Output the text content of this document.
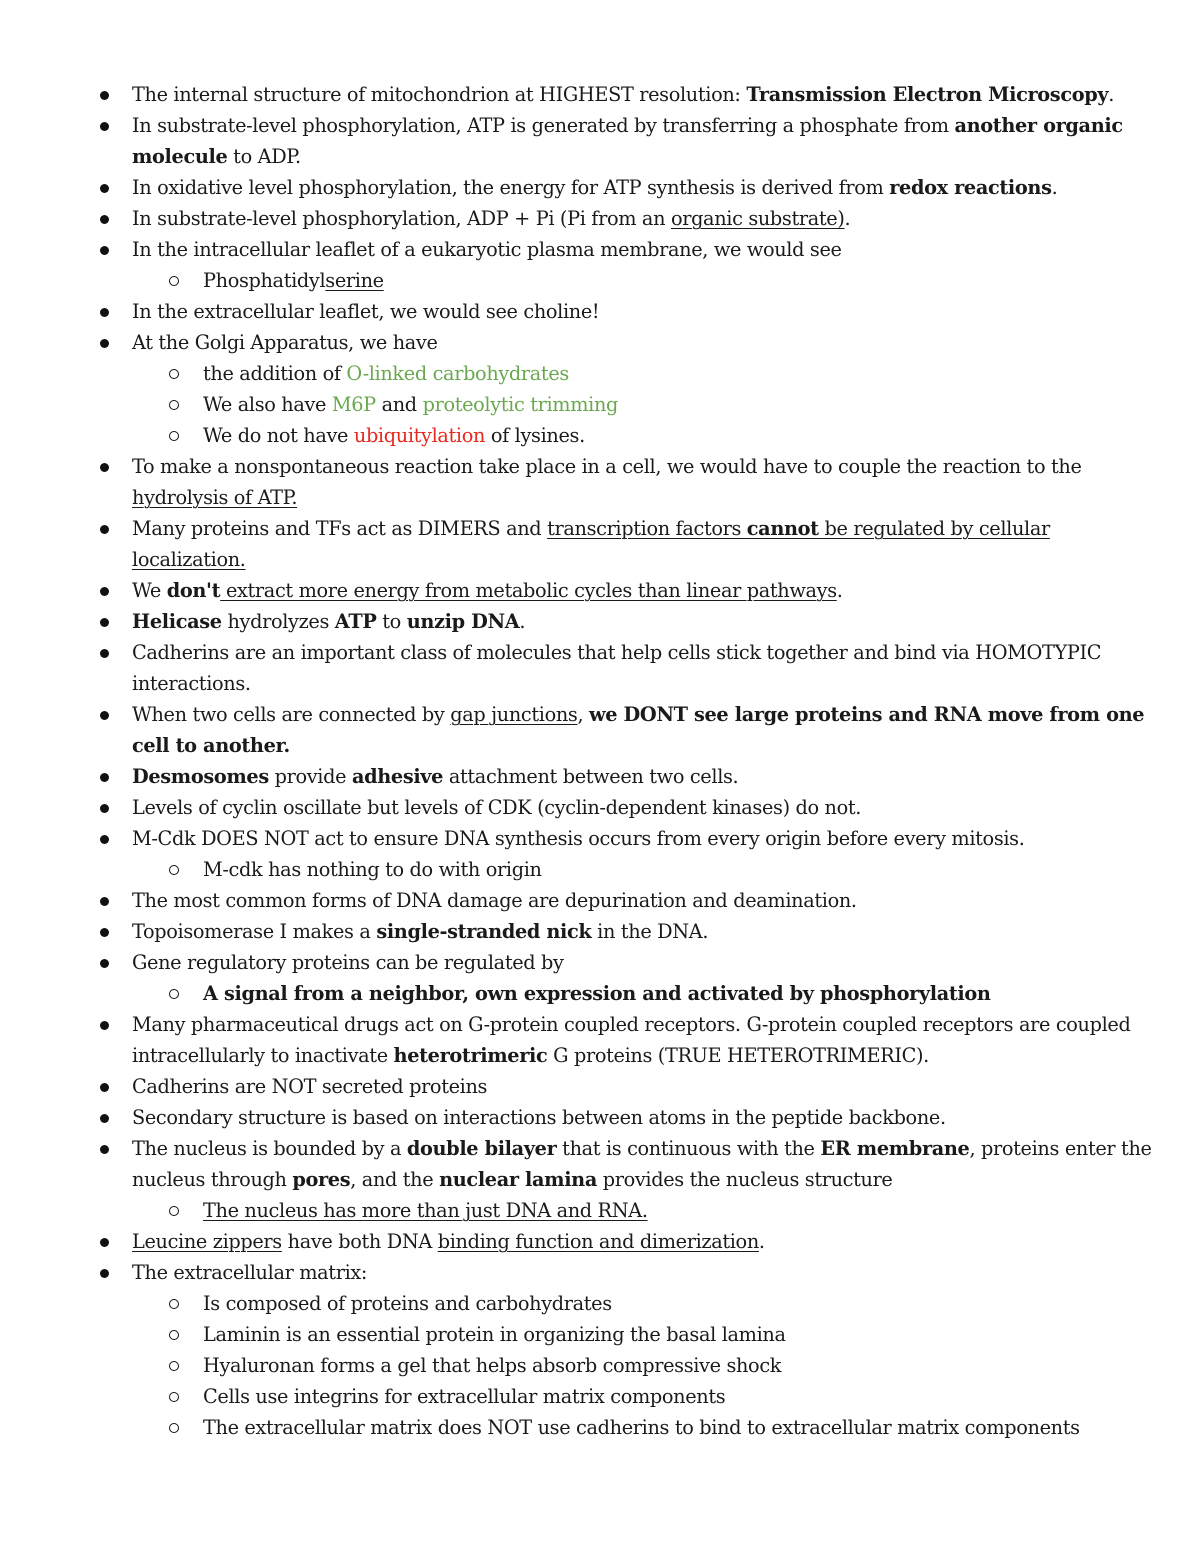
The internal structure of mitochondrion at HIGHEST resolution: Transmission Electron Microscopy.
In substrate-level phosphorylation, ATP is generated by transferring a phosphate from another organic
molecule to ADP.
In oxidative level phosphorylation, the energy for ATP synthesis is derived from redox reactions.
In substrate-level phosphorylation, ADP + Pi (Pi from an organic substrate).
In the intracellular leaflet of a eukaryotic plasma membrane, we would see
Phosphatidylserine
In the extracellular leaflet, we would see choline!
At the Golgi Apparatus, we have
the addition of O-linked carbohydrates
We also have M6P and proteolytic trimming
We do not have ubiquitylation of lysines.
To make a nonspontaneous reaction take place in a cell, we would have to couple the reaction to the
hydrolysis of ATP.
Many proteins and TFs act as DIMERS and transcription factors cannot be regulated by cellular
localization.
We don't extract more energy from metabolic cycles than linear pathways.
Helicase hydrolyzes ATP to unzip DNA.
Cadherins are an important class of molecules that help cells stick together and bind via HOMOTYPIC
interactions.
When two cells are connected by gap junctions, we DONT see large proteins and RNA move from one
cell to another.
Desmosomes provide adhesive attachment between two cells.
Levels of cyclin oscillate but levels of CDK (cyclin-dependent kinases) do not.
M-Cdk DOES NOT act to ensure DNA synthesis occurs from every origin before every mitosis.
M-cdk has nothing to do with origin
The most common forms of DNA damage are depurination and deamination.
Topoisomerase I makes a single-stranded nick in the DNA.
Gene regulatory proteins can be regulated by
A signal from a neighbor, own expression and activated by phosphorylation
Many pharmaceutical drugs act on G-protein coupled receptors. G-protein coupled receptors are coupled
intracellularly to inactivate heterotrimeric G proteins (TRUE HETEROTRIMERIC).
Cadherins are NOT secreted proteins
Secondary structure is based on interactions between atoms in the peptide backbone.
The nucleus is bounded by a double bilayer that is continuous with the ER membrane, proteins enter the
nucleus through pores, and the nuclear lamina provides the nucleus structure
The nucleus has more than just DNA and RNA.
Leucine zippers have both DNA binding function and dimerization.
The extracellular matrix:
Is composed of proteins and carbohydrates
Laminin is an essential protein in organizing the basal lamina
Hyaluronan forms a gel that helps absorb compressive shock
Cells use integrins for extracellular matrix components
The extracellular matrix does NOT use cadherins to bind to extracellular matrix components
